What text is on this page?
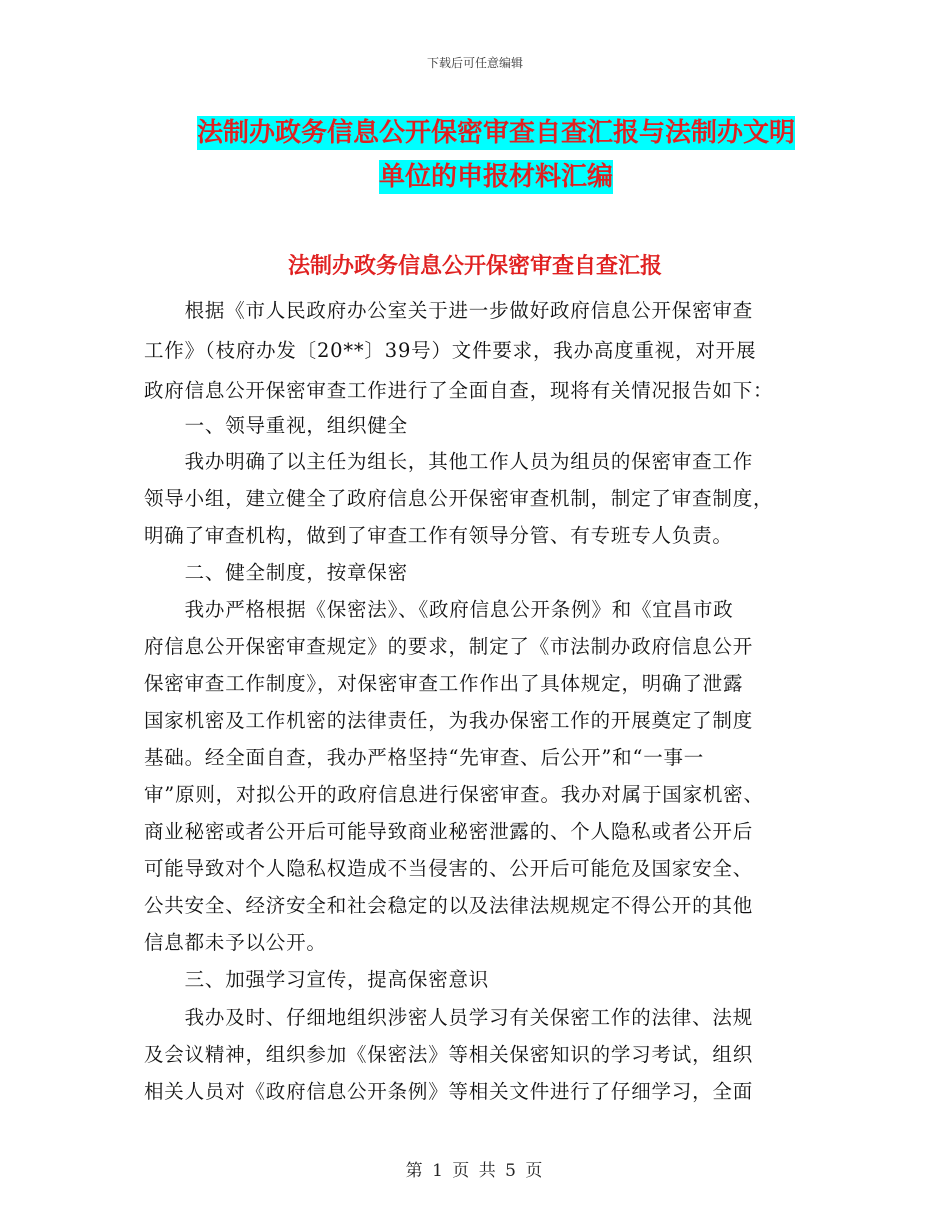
下载后可任意编辑
法制办政务信息公开保密审查自查汇报与法制办文明
单位的申报材料汇编
法制办政务信息公开保密审查自查汇报
　　根据《市人民政府办公室关于进一步做好政府信息公开保密审查
工作》（枝府办发〔20**〕39号）文件要求，我办高度重视，对开展
政府信息公开保密审查工作进行了全面自查，现将有关情况报告如下：
　　一、领导重视，组织健全
　　我办明确了以主任为组长，其他工作人员为组员的保密审查工作
领导小组，建立健全了政府信息公开保密审查机制，制定了审查制度，
明确了审查机构，做到了审查工作有领导分管、有专班专人负责。
　　二、健全制度，按章保密
　　我办严格根据《保密法》、《政府信息公开条例》和《宜昌市政
府信息公开保密审查规定》的要求，制定了《市法制办政府信息公开
保密审查工作制度》，对保密审查工作作出了具体规定，明确了泄露
国家机密及工作机密的法律责任，为我办保密工作的开展奠定了制度
基础。经全面自查，我办严格坚持“先审查、后公开”和“一事一
审”原则，对拟公开的政府信息进行保密审查。我办对属于国家机密、
商业秘密或者公开后可能导致商业秘密泄露的、个人隐私或者公开后
可能导致对个人隐私权造成不当侵害的、公开后可能危及国家安全、
公共安全、经济安全和社会稳定的以及法律法规规定不得公开的其他
信息都未予以公开。
　　三、加强学习宣传，提高保密意识
　　我办及时、仔细地组织涉密人员学习有关保密工作的法律、法规
及会议精神，组织参加《保密法》等相关保密知识的学习考试，组织
相关人员对《政府信息公开条例》等相关文件进行了仔细学习，全面
第 1 页 共 5 页
